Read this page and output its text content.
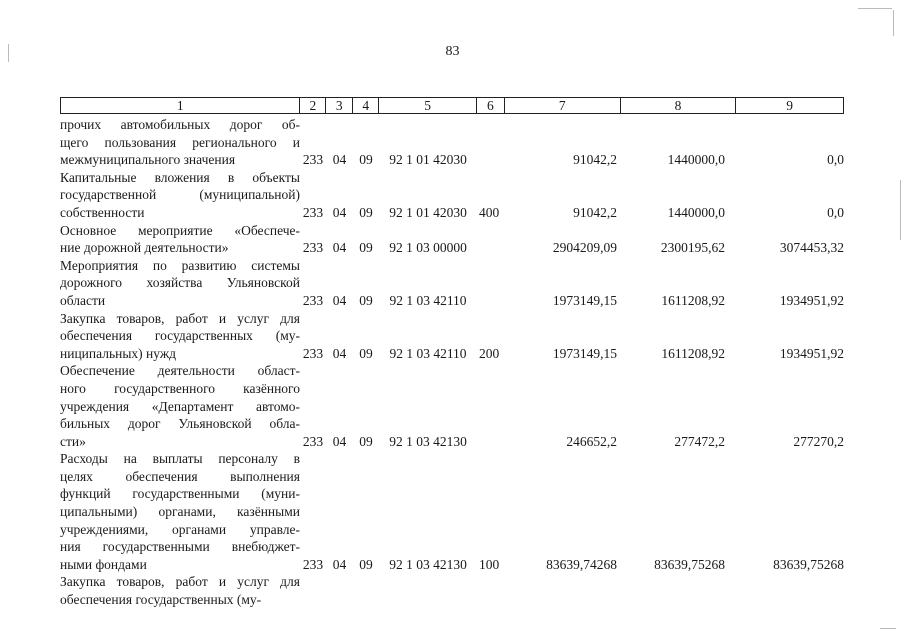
83
1	2	3	4	5	6	7	8	9
прочих автомобильных дорог об-
щего пользования регионального и
межмуниципального значения	233 04 09	92 1 01 42030	91042,2	1440000,0	0,0
Капитальные вложения в объекты
государственной (муниципальной)
собственности	233 04 09	92 1 01 42030 400	91042,2	1440000,0	0,0
Основное мероприятие «Обеспече-
ние дорожной деятельности»	233 04 09	92 1 03 00000	2904209,09	2300195,62	3074453,32
Мероприятия по развитию системы
дорожного хозяйства Ульяновской
области	233 04 09	92 1 03 42110	1973149,15	1611208,92	1934951,92
Закупка товаров, работ и услуг для
обеспечения государственных (му-
ниципальных) нужд	233 04 09	92 1 03 42110 200	1973149,15	1611208,92	1934951,92
Обеспечение деятельности област-
ного государственного казённого
учреждения «Департамент автомо-
бильных дорог Ульяновской обла-
сти»	233 04 09	92 1 03 42130	246652,2	277472,2	277270,2
Расходы на выплаты персоналу в
целях обеспечения выполнения
функций государственными (муни-
ципальными) органами, казёнными
учреждениями, органами управле-
ния государственными внебюджет-
ными фондами	233 04 09	92 1 03 42130 100	83639,74268	83639,75268	83639,75268
Закупка товаров, работ и услуг для
обеспечения государственных (му-
